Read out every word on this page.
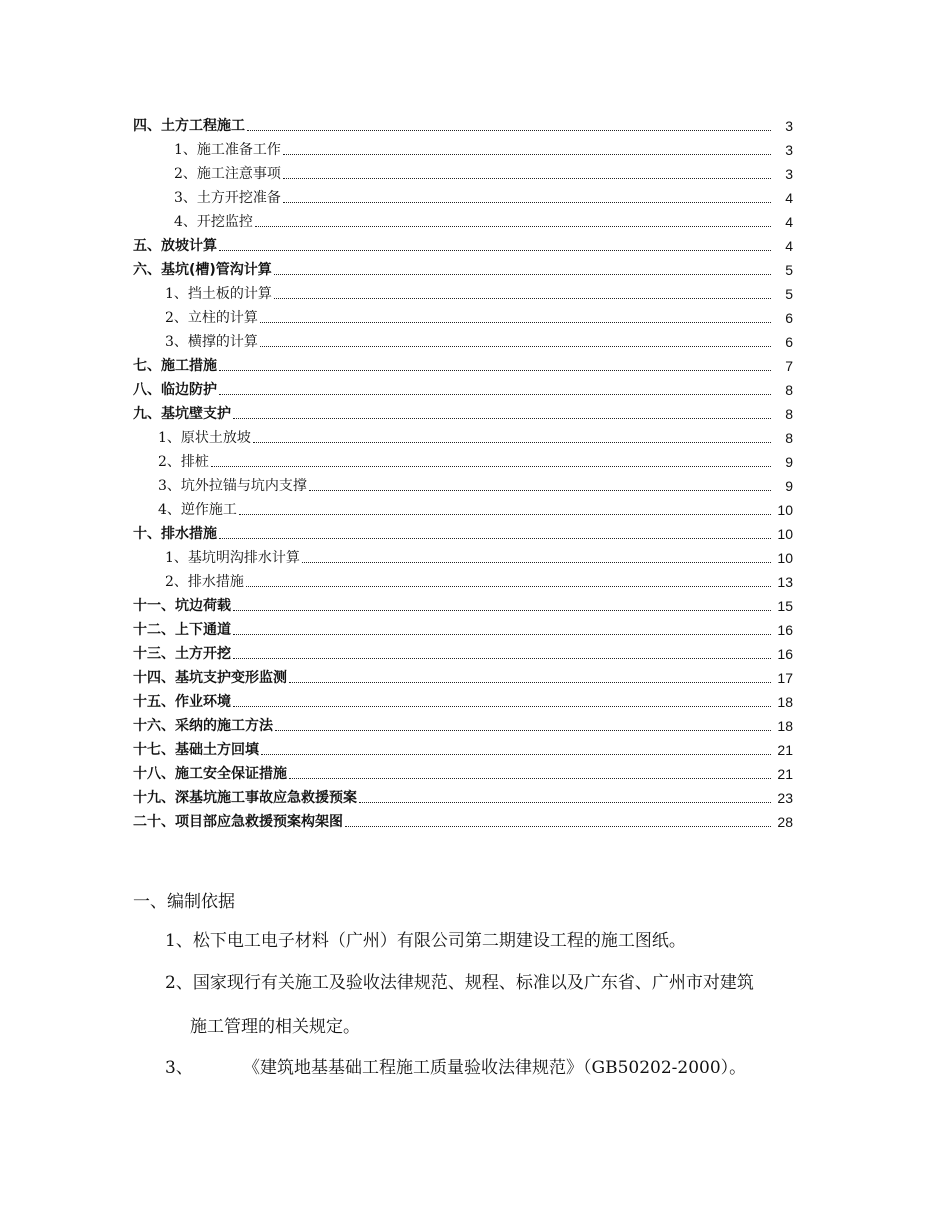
四、土方工程施工	3
1、施工准备工作	3
2、施工注意事项	3
3、土方开挖准备	4
4、开挖监控	4
五、放坡计算	4
六、基坑(槽)管沟计算	5
1、挡土板的计算	5
2、立柱的计算	6
3、横撑的计算	6
七、施工措施	7
八、临边防护	8
九、基坑壁支护	8
1、原状土放坡	8
2、排桩	9
3、坑外拉锚与坑内支撑	9
4、逆作施工	10
十、排水措施	10
1、基坑明沟排水计算	10
2、排水措施	13
十一、坑边荷载	15
十二、上下通道	16
十三、土方开挖	16
十四、基坑支护变形监测	17
十五、作业环境	18
十六、采纳的施工方法	18
十七、基础土方回填	21
十八、施工安全保证措施	21
十九、深基坑施工事故应急救援预案	23
二十、项目部应急救援预案构架图	28
一、编制依据
1、松下电工电子材料（广州）有限公司第二期建设工程的施工图纸。
2、国家现行有关施工及验收法律规范、规程、标准以及广东省、广州市对建筑
施工管理的相关规定。
3、	《建筑地基基础工程施工质量验收法律规范》（GB50202-2000）。
